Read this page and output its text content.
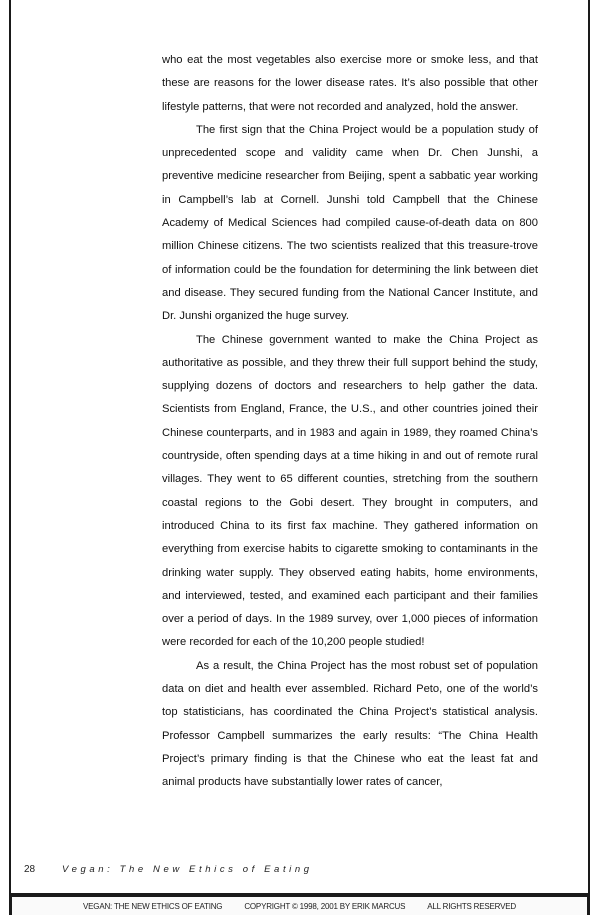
who eat the most vegetables also exercise more or smoke less, and that these are reasons for the lower disease rates. It’s also possible that other lifestyle patterns, that were not recorded and analyzed, hold the answer.

The first sign that the China Project would be a population study of unprecedented scope and validity came when Dr. Chen Junshi, a preventive medicine researcher from Beijing, spent a sabbatic year working in Campbell’s lab at Cornell. Junshi told Campbell that the Chinese Academy of Medical Sciences had compiled cause-of-death data on 800 million Chinese citizens. The two scientists realized that this treasure-trove of information could be the foundation for determining the link between diet and disease. They secured funding from the National Cancer Institute, and Dr. Junshi organized the huge survey.

The Chinese government wanted to make the China Project as authoritative as possible, and they threw their full support behind the study, supplying dozens of doctors and researchers to help gather the data. Scientists from England, France, the U.S., and other countries joined their Chinese counterparts, and in 1983 and again in 1989, they roamed China’s countryside, often spending days at a time hiking in and out of remote rural villages. They went to 65 different counties, stretching from the southern coastal regions to the Gobi desert. They brought in computers, and introduced China to its first fax machine. They gathered information on everything from exercise habits to cigarette smoking to contaminants in the drinking water supply. They observed eating habits, home environments, and interviewed, tested, and examined each participant and their families over a period of days. In the 1989 survey, over 1,000 pieces of information were recorded for each of the 10,200 people studied!

As a result, the China Project has the most robust set of population data on diet and health ever assembled. Richard Peto, one of the world’s top statisticians, has coordinated the China Project’s statistical analysis. Professor Campbell summarizes the early results: “The China Health Project’s primary finding is that the Chinese who eat the least fat and animal products have substantially lower rates of cancer,

28	Vegan: The New Ethics of Eating
VEGAN: THE NEW ETHICS OF EATING	COPYRIGHT © 1998, 2001 BY ERIK MARCUS	ALL RIGHTS RESERVED
